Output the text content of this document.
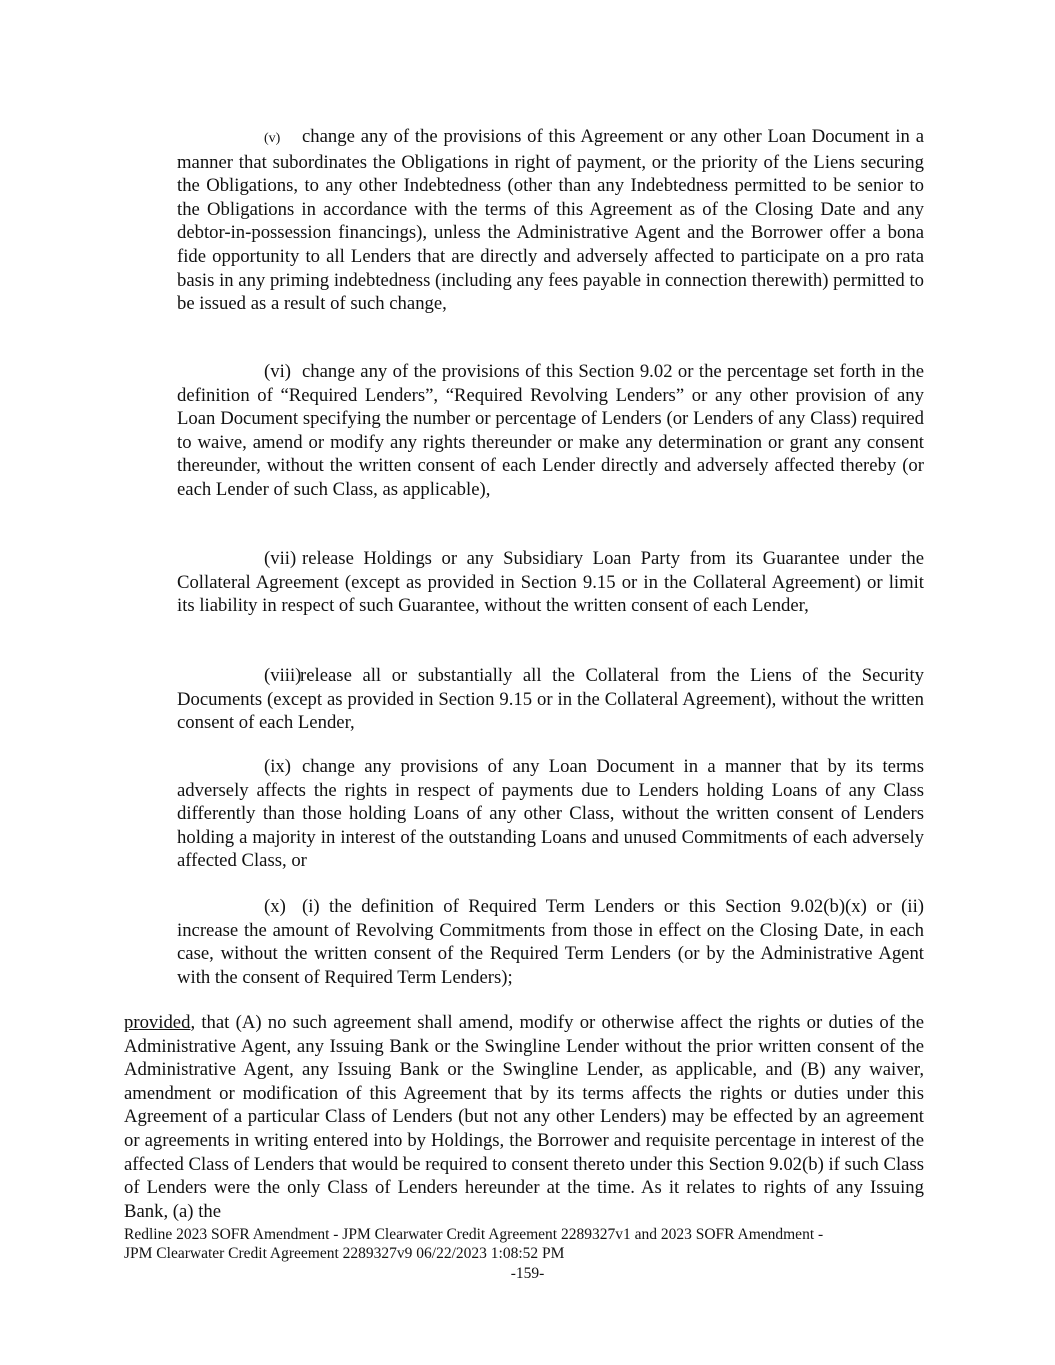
(v) change any of the provisions of this Agreement or any other Loan Document in a manner that subordinates the Obligations in right of payment, or the priority of the Liens securing the Obligations, to any other Indebtedness (other than any Indebtedness permitted to be senior to the Obligations in accordance with the terms of this Agreement as of the Closing Date and any debtor-in-possession financings), unless the Administrative Agent and the Borrower offer a bona fide opportunity to all Lenders that are directly and adversely affected to participate on a pro rata basis in any priming indebtedness (including any fees payable in connection therewith) permitted to be issued as a result of such change,

(vi) change any of the provisions of this Section 9.02 or the percentage set forth in the definition of “Required Lenders”, “Required Revolving Lenders” or any other provision of any Loan Document specifying the number or percentage of Lenders (or Lenders of any Class) required to waive, amend or modify any rights thereunder or make any determination or grant any consent thereunder, without the written consent of each Lender directly and adversely affected thereby (or each Lender of such Class, as applicable),

(vii) release Holdings or any Subsidiary Loan Party from its Guarantee under the Collateral Agreement (except as provided in Section 9.15 or in the Collateral Agreement) or limit its liability in respect of such Guarantee, without the written consent of each Lender,

(viii)release all or substantially all the Collateral from the Liens of the Security Documents (except as provided in Section 9.15 or in the Collateral Agreement), without the written consent of each Lender,

(ix) change any provisions of any Loan Document in a manner that by its terms adversely affects the rights in respect of payments due to Lenders holding Loans of any Class differently than those holding Loans of any other Class, without the written consent of Lenders holding a majority in interest of the outstanding Loans and unused Commitments of each adversely affected Class, or

(x) (i) the definition of Required Term Lenders or this Section 9.02(b)(x) or (ii) increase the amount of Revolving Commitments from those in effect on the Closing Date, in each case, without the written consent of the Required Term Lenders (or by the Administrative Agent with the consent of Required Term Lenders);

provided, that (A) no such agreement shall amend, modify or otherwise affect the rights or duties of the Administrative Agent, any Issuing Bank or the Swingline Lender without the prior written consent of the Administrative Agent, any Issuing Bank or the Swingline Lender, as applicable, and (B) any waiver, amendment or modification of this Agreement that by its terms affects the rights or duties under this Agreement of a particular Class of Lenders (but not any other Lenders) may be effected by an agreement or agreements in writing entered into by Holdings, the Borrower and requisite percentage in interest of the affected Class of Lenders that would be required to consent thereto under this Section 9.02(b) if such Class of Lenders were the only Class of Lenders hereunder at the time. As it relates to rights of any Issuing Bank, (a) the

Redline 2023 SOFR Amendment - JPM Clearwater Credit Agreement 2289327v1 and 2023 SOFR Amendment -
JPM Clearwater Credit Agreement 2289327v9 06/22/2023 1:08:52 PM
-159-
